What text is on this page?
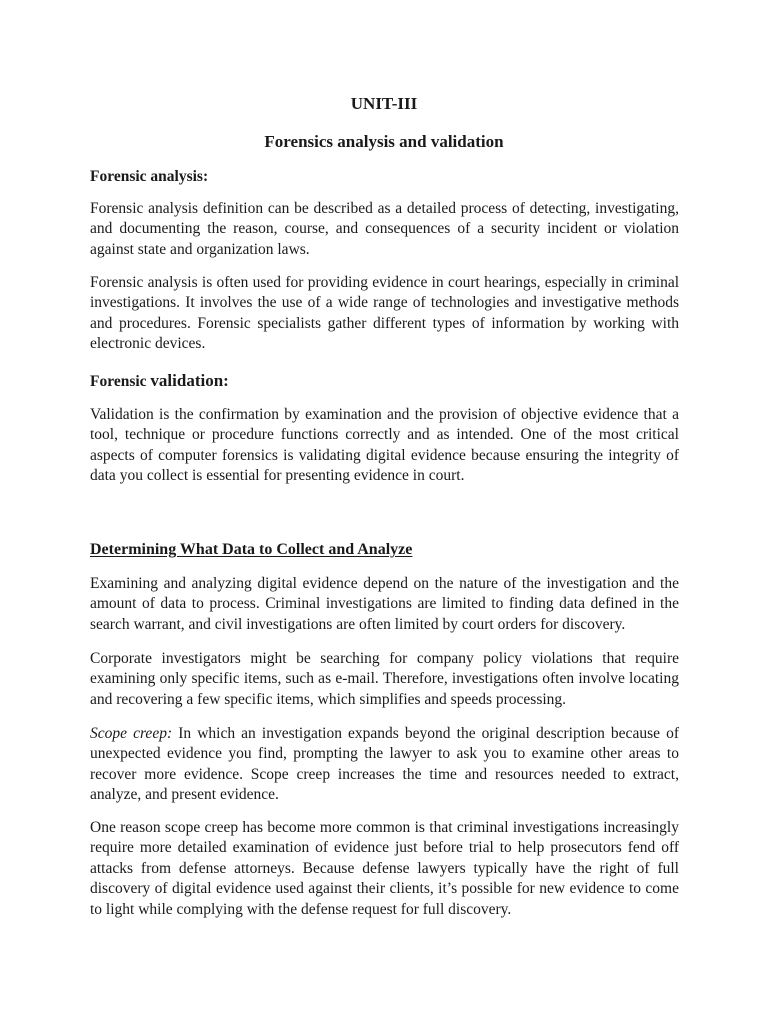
UNIT-III
Forensics analysis and validation
Forensic analysis:

Forensic analysis definition can be described as a detailed process of detecting, investigating, and documenting the reason, course, and consequences of a security incident or violation against state and organization laws.

Forensic analysis is often used for providing evidence in court hearings, especially in criminal investigations. It involves the use of a wide range of technologies and investigative methods and procedures. Forensic specialists gather different types of information by working with electronic devices.

Forensic validation:

Validation is the confirmation by examination and the provision of objective evidence that a tool, technique or procedure functions correctly and as intended. One of the most critical aspects of computer forensics is validating digital evidence because ensuring the integrity of data you collect is essential for presenting evidence in court.

Determining What Data to Collect and Analyze

Examining and analyzing digital evidence depend on the nature of the investigation and the amount of data to process. Criminal investigations are limited to finding data defined in the search warrant, and civil investigations are often limited by court orders for discovery.

Corporate investigators might be searching for company policy violations that require examining only specific items, such as e-mail. Therefore, investigations often involve locating and recovering a few specific items, which simplifies and speeds processing.

Scope creep: In which an investigation expands beyond the original description because of unexpected evidence you find, prompting the lawyer to ask you to examine other areas to recover more evidence. Scope creep increases the time and resources needed to extract, analyze, and present evidence.

One reason scope creep has become more common is that criminal investigations increasingly require more detailed examination of evidence just before trial to help prosecutors fend off attacks from defense attorneys. Because defense lawyers typically have the right of full discovery of digital evidence used against their clients, it’s possible for new evidence to come to light while complying with the defense request for full discovery.
